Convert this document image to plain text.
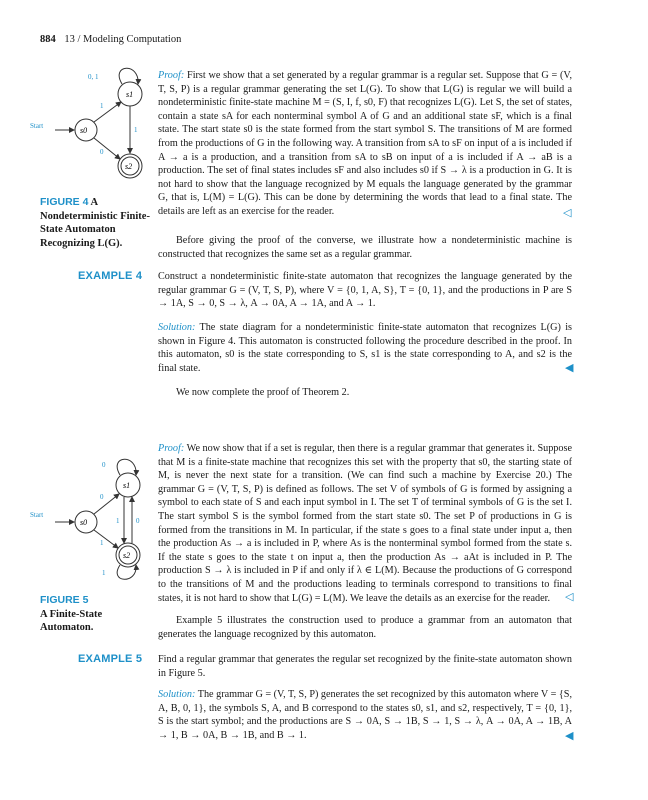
884 13 / Modeling Computation
s1
0, 1
s0
Start
s2
1
1
0
FIGURE 4 A Nondeterministic Finite-State Automaton Recognizing L(G).

Proof: First we show that a set generated by a regular grammar is a regular set. Suppose that G = (V, T, S, P) is a regular grammar generating the set L(G). To show that L(G) is regular we will build a nondeterministic finite-state machine M = (S, I, f, s0, F) that recognizes L(G). Let S, the set of states, contain a state sA for each nonterminal symbol A of G and an additional state sF, which is a final state. The start state s0 is the state formed from the start symbol S. The transitions of M are formed from the productions of G in the following way. A transition from sA to sF on input of a is included if A → a is a production, and a transition from sA to sB on input of a is included if A → aB is a production. The set of final states includes sF and also includes s0 if S → λ is a production in G. It is not hard to show that the language recognized by M equals the language generated by the grammar G, that is, L(M) = L(G). This can be done by determining the words that lead to a final state. The details are left as an exercise for the reader.	◁

Before giving the proof of the converse, we illustrate how a nondeterministic machine is constructed that recognizes the same set as a regular grammar.

EXAMPLE 4 Construct a nondeterministic finite-state automaton that recognizes the language generated by the regular grammar G = (V, T, S, P), where V = {0, 1, A, S}, T = {0, 1}, and the productions in P are S → 1A, S → 0, S → λ, A → 0A, A → 1A, and A → 1.

Solution: The state diagram for a nondeterministic finite-state automaton that recognizes L(G) is shown in Figure 4. This automaton is constructed following the procedure described in the proof. In this automaton, s0 is the state corresponding to S, s1 is the state corresponding to A, and s2 is the final state.	◀

We now complete the proof of Theorem 2.

s1
0
s0
Start
s2
1
0
1
1 0
FIGURE 5
A Finite-State Automaton.

Proof: We now show that if a set is regular, then there is a regular grammar that generates it. Suppose that M is a finite-state machine that recognizes this set with the property that s0, the starting state of M, is never the next state for a transition. (We can find such a machine by Exercise 20.) The grammar G = (V, T, S, P) is defined as follows. The set V of symbols of G is formed by assigning a symbol to each state of S and each input symbol in I. The set T of terminal symbols of G is the set I. The start symbol S is the symbol formed from the start state s0. The set P of productions in G is formed from the transitions in M. In particular, if the state s goes to a final state under input a, then the production As → a is included in P, where As is the nonterminal symbol formed from the state s. If the state s goes to the state t on input a, then the production As → aAt is included in P. The production S → λ is included in P if and only if λ ∈ L(M). Because the productions of G correspond to the transitions of M and the productions leading to terminals correspond to transitions to final states, it is not hard to show that L(G) = L(M). We leave the details as an exercise for the reader.	◁

Example 5 illustrates the construction used to produce a grammar from an automaton that generates the language recognized by this automaton.

EXAMPLE 5 Find a regular grammar that generates the regular set recognized by the finite-state automaton shown in Figure 5.

Solution: The grammar G = (V, T, S, P) generates the set recognized by this automaton where V = {S, A, B, 0, 1}, the symbols S, A, and B correspond to the states s0, s1, and s2, respectively, T = {0, 1}, S is the start symbol; and the productions are S → 0A, S → 1B, S → 1, S → λ, A → 0A, A → 1B, A → 1, B → 0A, B → 1B, and B → 1.	◀
